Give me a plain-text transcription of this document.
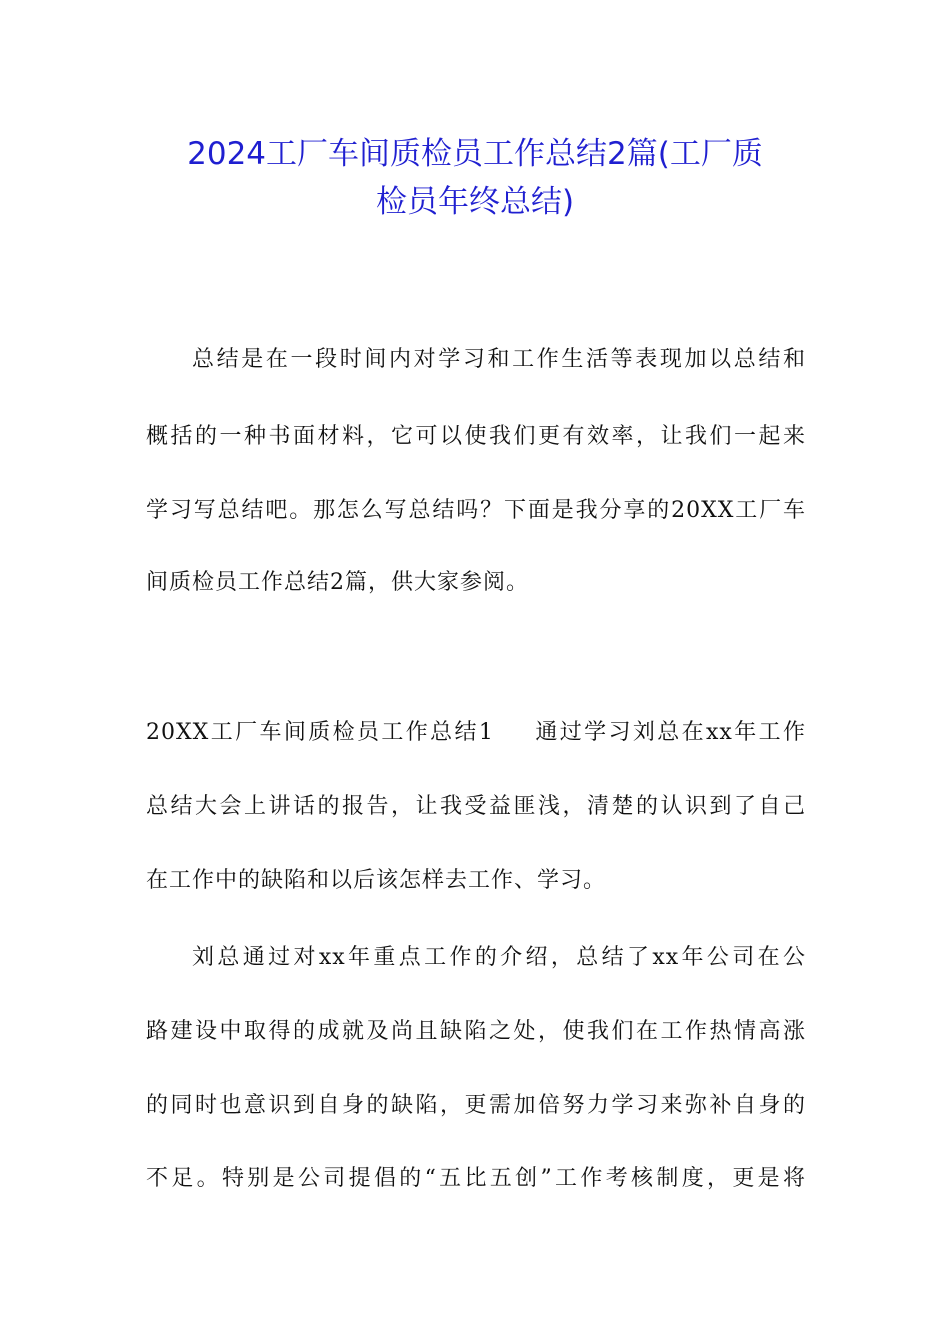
2024工厂车间质检员工作总结2篇(工厂质
检员年终总结)

总结是在一段时间内对学习和工作生活等表现加以总结和

概括的一种书面材料，它可以使我们更有效率，让我们一起来

学习写总结吧。那怎么写总结吗？下面是我分享的20XX工厂车

间质检员工作总结2篇，供大家参阅。

20XX工厂车间质检员工作总结1 通过学习刘总在xx年工作

总结大会上讲话的报告，让我受益匪浅，清楚的认识到了自己

在工作中的缺陷和以后该怎样去工作、学习。

刘总通过对xx年重点工作的介绍，总结了xx年公司在公

路建设中取得的成就及尚且缺陷之处，使我们在工作热情高涨

的同时也意识到自身的缺陷，更需加倍努力学习来弥补自身的

不足。特别是公司提倡的“五比五创”工作考核制度，更是将
